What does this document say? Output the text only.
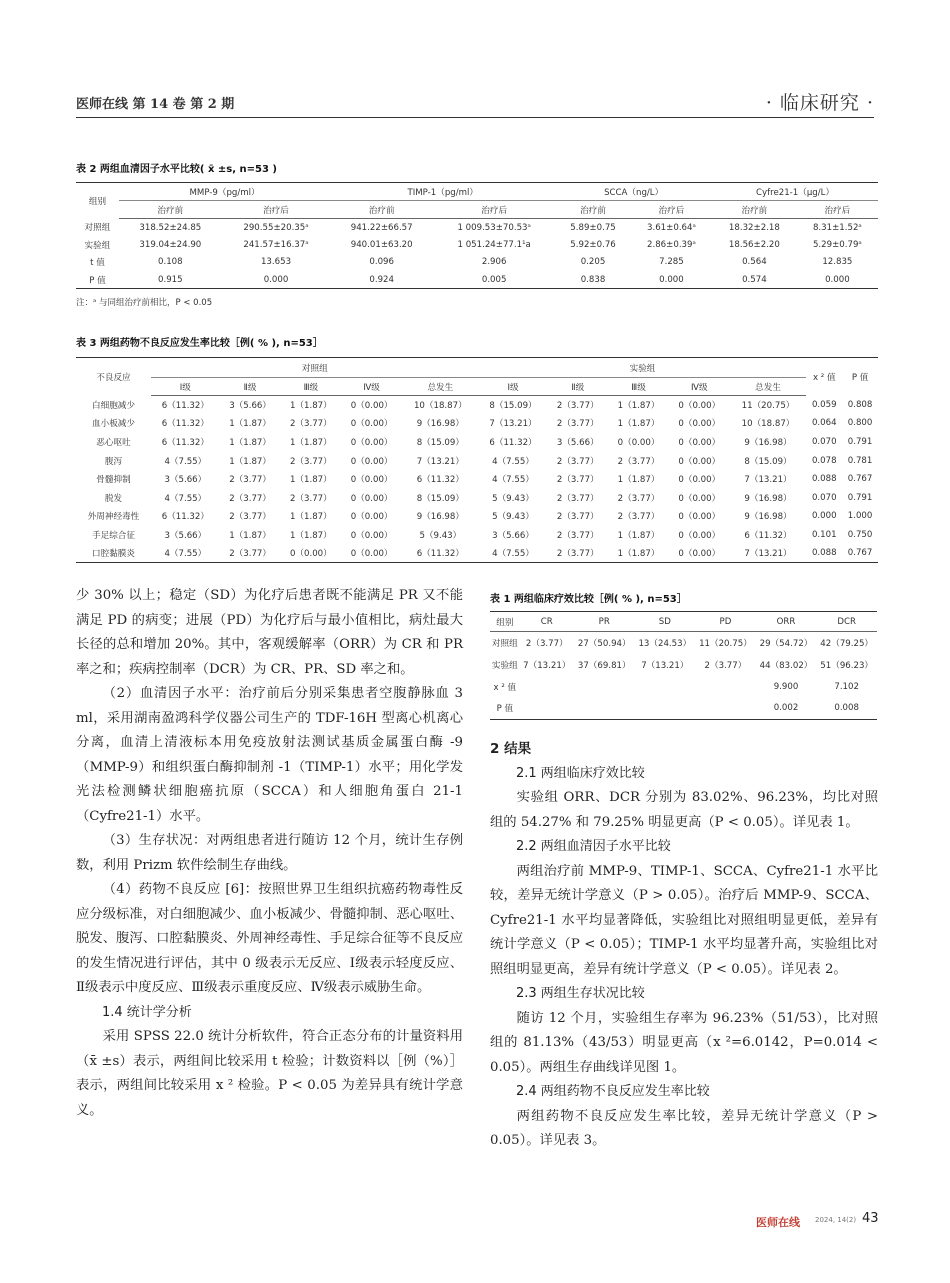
医师在线 第 14 卷 第 2 期	· 临床研究 ·
表 2 两组血清因子水平比较( x̄ ±s, n=53 )
组别	MMP-9（pg/ml）		TIMP-1（pg/ml）		SCCA（ng/L）		Cyfre21-1（μg/L）	
	治疗前	治疗后	治疗前	治疗后	治疗前	治疗后	治疗前	治疗后
对照组	318.52±24.85	290.55±20.35ᵃ	941.22±66.57	1 009.53±70.53ᵃ	5.89±0.75	3.61±0.64ᵃ	18.32±2.18	8.31±1.52ᵃ
实验组	319.04±24.90	241.57±16.37ᵃ	940.01±63.20	1 051.24±77.1¹a	5.92±0.76	2.86±0.39ᵃ	18.56±2.20	5.29±0.79ᵃ
t 值	0.108	13.653	0.096	2.906	0.205	7.285	0.564	12.835
P 值	0.915	0.000	0.924	0.005	0.838	0.000	0.574	0.000
注：ᵃ 与同组治疗前相比，P < 0.05
表 3 两组药物不良反应发生率比较［例( % ), n=53］
不良反应	对照组					实验组					x ² 值	P 值
	Ⅰ级	Ⅱ级	Ⅲ级	Ⅳ级	总发生	Ⅰ级	Ⅱ级	Ⅲ级	Ⅳ级	总发生		
白细胞减少	6（11.32）	3（5.66）	1（1.87）	0（0.00）	10（18.87）	8（15.09）	2（3.77）	1（1.87）	0（0.00）	11（20.75）	0.059	0.808
血小板减少	6（11.32）	1（1.87）	2（3.77）	0（0.00）	9（16.98）	7（13.21）	2（3.77）	1（1.87）	0（0.00）	10（18.87）	0.064	0.800
恶心呕吐	6（11.32）	1（1.87）	1（1.87）	0（0.00）	8（15.09）	6（11.32）	3（5.66）	0（0.00）	0（0.00）	9（16.98）	0.070	0.791
腹泻	4（7.55）	1（1.87）	2（3.77）	0（0.00）	7（13.21）	4（7.55）	2（3.77）	2（3.77）	0（0.00）	8（15.09）	0.078	0.781
骨髓抑制	3（5.66）	2（3.77）	1（1.87）	0（0.00）	6（11.32）	4（7.55）	2（3.77）	1（1.87）	0（0.00）	7（13.21）	0.088	0.767
脱发	4（7.55）	2（3.77）	2（3.77）	0（0.00）	8（15.09）	5（9.43）	2（3.77）	2（3.77）	0（0.00）	9（16.98）	0.070	0.791
外周神经毒性	6（11.32）	2（3.77）	1（1.87）	0（0.00）	9（16.98）	5（9.43）	2（3.77）	2（3.77）	0（0.00）	9（16.98）	0.000	1.000
手足综合征	3（5.66）	1（1.87）	1（1.87）	0（0.00）	5（9.43）	3（5.66）	2（3.77）	1（1.87）	0（0.00）	6（11.32）	0.101	0.750
口腔黏膜炎	4（7.55）	2（3.77）	0（0.00）	0（0.00）	6（11.32）	4（7.55）	2（3.77）	1（1.87）	0（0.00）	7（13.21）	0.088	0.767

少 30% 以上；稳定（SD）为化疗后患者既不能满足 PR 又不能满足 PD 的病变；进展（PD）为化疗后与最小值相比，病灶最大长径的总和增加 20%。其中，客观缓解率（ORR）为 CR 和 PR 率之和；疾病控制率（DCR）为 CR、PR、SD 率之和。

（2）血清因子水平：治疗前后分别采集患者空腹静脉血 3 ml，采用湖南盈鸿科学仪器公司生产的 TDF-16H 型离心机离心分离，血清上清液标本用免疫放射法测试基质金属蛋白酶 -9（MMP-9）和组织蛋白酶抑制剂 -1（TIMP-1）水平；用化学发光法检测鳞状细胞癌抗原（SCCA）和人细胞角蛋白 21-1（Cyfre21-1）水平。

（3）生存状况：对两组患者进行随访 12 个月，统计生存例数，利用 Prizm 软件绘制生存曲线。

（4）药物不良反应 [6]：按照世界卫生组织抗癌药物毒性反应分级标准，对白细胞减少、血小板减少、骨髓抑制、恶心呕吐、脱发、腹泻、口腔黏膜炎、外周神经毒性、手足综合征等不良反应的发生情况进行评估，其中 0 级表示无反应、Ⅰ级表示轻度反应、Ⅱ级表示中度反应、Ⅲ级表示重度反应、Ⅳ级表示威胁生命。

1.4 统计学分析

采用 SPSS 22.0 统计分析软件，符合正态分布的计量资料用（x̄ ±s）表示，两组间比较采用 t 检验；计数资料以［例（%）］表示，两组间比较采用 x ² 检验。P < 0.05 为差异具有统计学意义。

表 1 两组临床疗效比较［例( % ), n=53］
组别	CR	PR	SD	PD	ORR	DCR
对照组	2（3.77）	27（50.94）	13（24.53）	11（20.75）	29（54.72）	42（79.25）
实验组	7（13.21）	37（69.81）	7（13.21）	2（3.77）	44（83.02）	51（96.23）
x ² 值					9.900	7.102
P 值					0.002	0.008
2 结果
2.1 两组临床疗效比较

实验组 ORR、DCR 分别为 83.02%、96.23%，均比对照组的 54.27% 和 79.25% 明显更高（P < 0.05）。详见表 1。

2.2 两组血清因子水平比较

两组治疗前 MMP-9、TIMP-1、SCCA、Cyfre21-1 水平比较，差异无统计学意义（P > 0.05）。治疗后 MMP-9、SCCA、Cyfre21-1 水平均显著降低，实验组比对照组明显更低，差异有统计学意义（P < 0.05）；TIMP-1 水平均显著升高，实验组比对照组明显更高，差异有统计学意义（P < 0.05）。详见表 2。

2.3 两组生存状况比较

随访 12 个月，实验组生存率为 96.23%（51/53），比对照组的 81.13%（43/53）明显更高（x ²=6.0142，P=0.014 < 0.05）。两组生存曲线详见图 1。

2.4 两组药物不良反应发生率比较

两组药物不良反应发生率比较，差异无统计学意义（P > 0.05）。详见表 3。

医师在线 2024, 14(2) 43
